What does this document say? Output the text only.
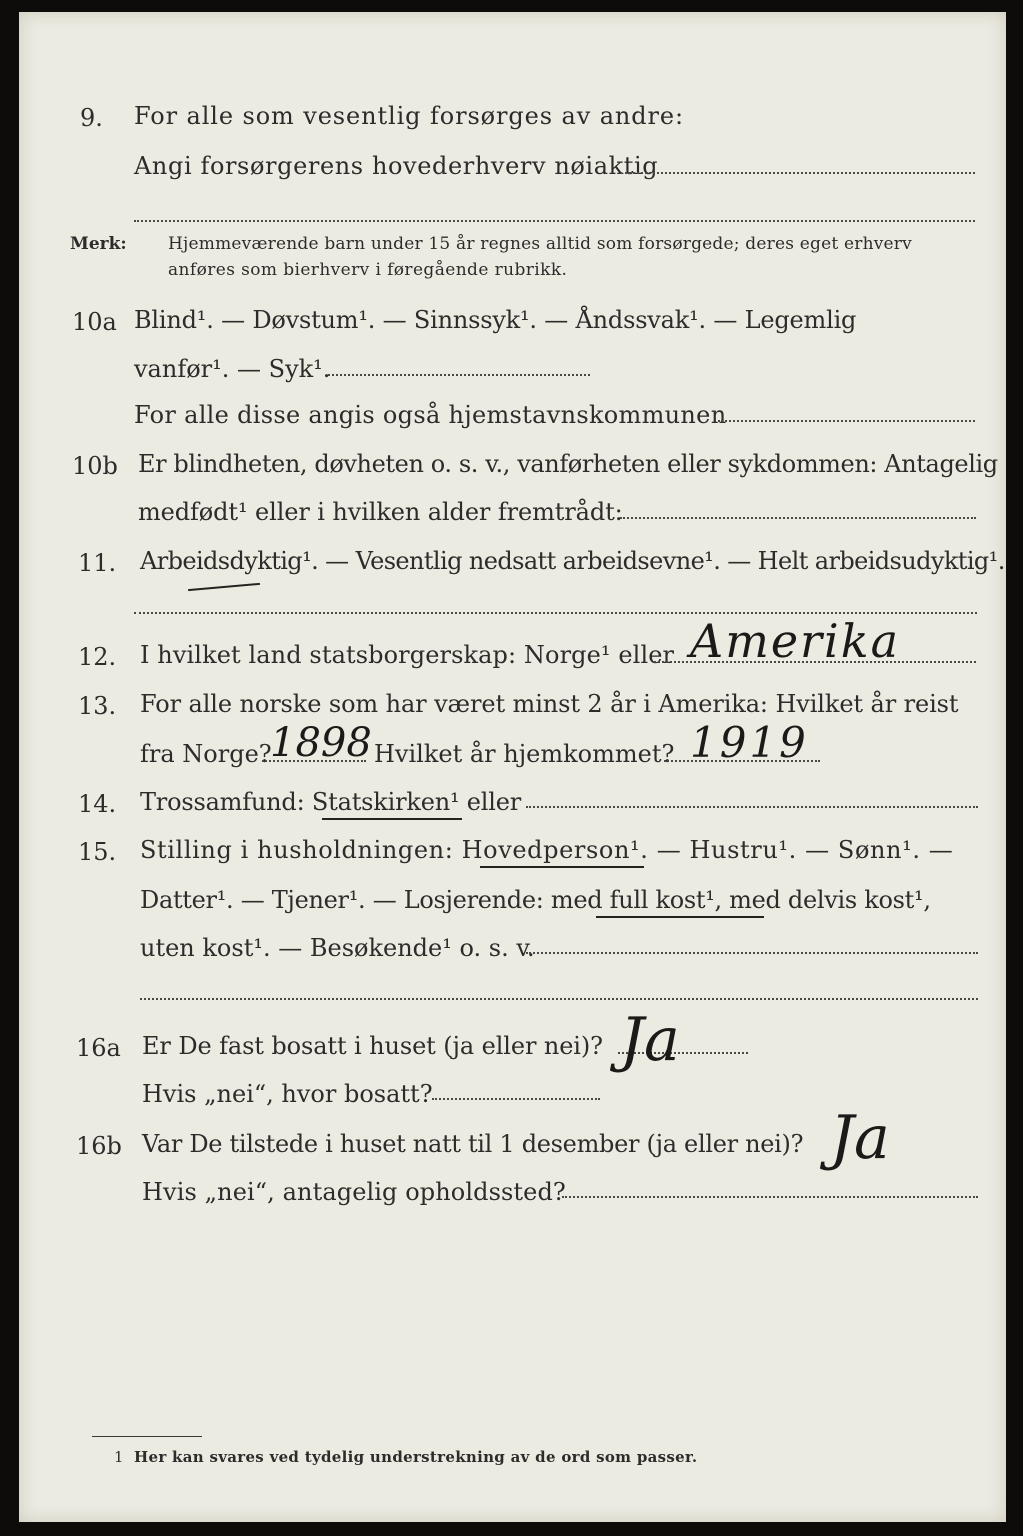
9. For alle som vesentlig forsørges av andre:
Angi forsørgerens hovederhverv nøiaktig
Merk: Hjemmeværende barn under 15 år regnes alltid som forsørgede; deres eget erhverv
anføres som bierhverv i føregående rubrikk.
10a Blind¹. — Døvstum¹. — Sinnssyk¹. — Åndssvak¹. — Legemlig
vanfør¹. — Syk¹.
For alle disse angis også hjemstavnskommunen
10b Er blindheten, døvheten o. s. v., vanførheten eller sykdommen: Antagelig
medfødt¹ eller i hvilken alder fremtrådt:
11. Arbeidsdyktig¹. — Vesentlig nedsatt arbeidsevne¹. — Helt arbeidsudyktig¹.
12. I hvilket land statsborgerskap: Norge¹ eller Amerika
13. For alle norske som har været minst 2 år i Amerika: Hvilket år reist
fra Norge?
1898 Hvilket år hjemkommet? 1919
14. Trossamfund: Statskirken¹ eller
15. Stilling i husholdningen: Hovedperson¹. — Hustru¹. — Sønn¹. —
Datter¹. — Tjener¹. — Losjerende: med full kost¹, med delvis kost¹,
uten kost¹. — Besøkende¹ o. s. v.
16a Er De fast bosatt i huset (ja eller nei)? Ja
Hvis „nei“, hvor bosatt?
16b Var De tilstede i huset natt til 1 desember (ja eller nei)? Ja
Hvis „nei“, antagelig opholdssted?
1 Her kan svares ved tydelig understrekning av de ord som passer.
